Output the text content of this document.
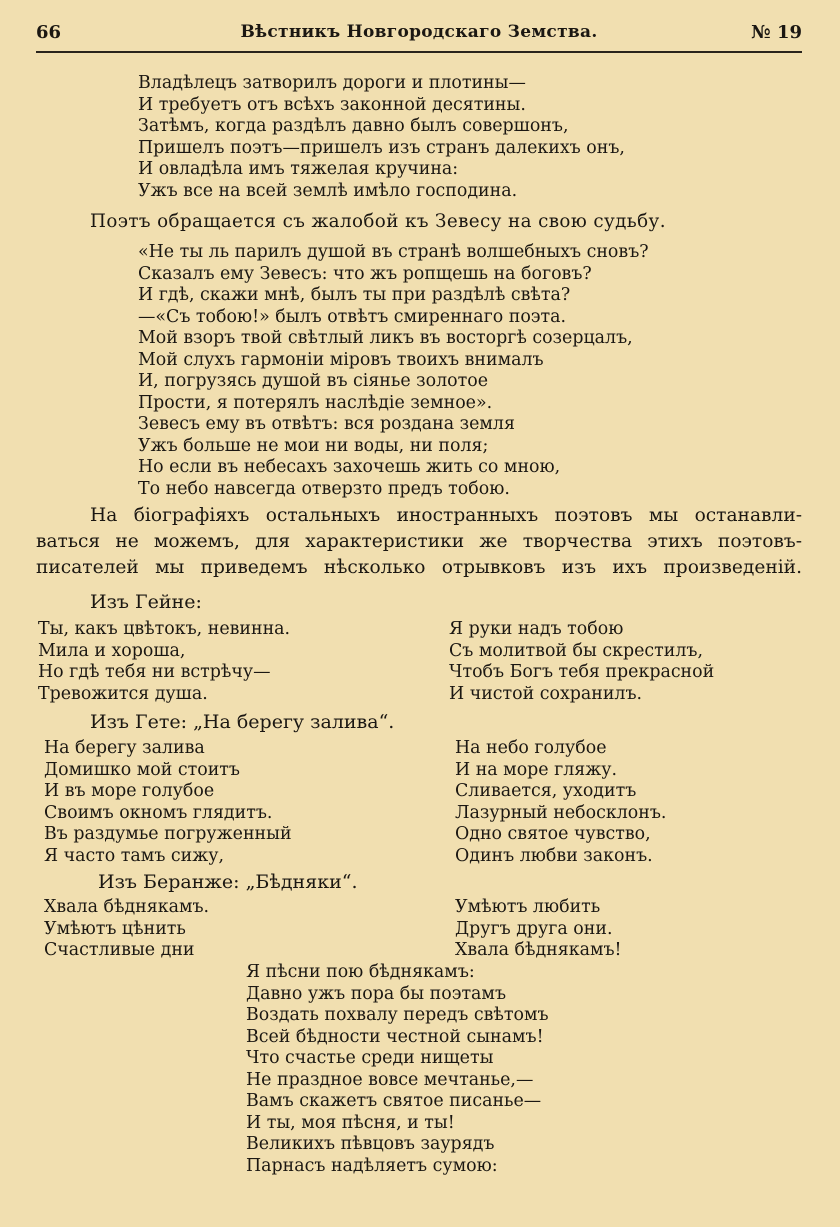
66	Вѣстникъ Новгородскаго Земства.	№ 19
Владѣлецъ затворилъ дороги и плотины—
И требуетъ отъ всѣхъ законной десятины.
Затѣмъ, когда раздѣлъ давно былъ совершонъ,
Пришелъ поэтъ—пришелъ изъ странъ далекихъ онъ,
И овладѣла имъ тяжелая кручина:
Ужъ все на всей землѣ имѣло господина.
Поэтъ обращается съ жалобой къ Зевесу на свою судьбу.
«Не ты ль парилъ душой въ странѣ волшебныхъ сновъ?
Сказалъ ему Зевесъ: что жъ ропщешь на боговъ?
И гдѣ, скажи мнѣ, былъ ты при раздѣлѣ свѣта?
—«Съ тобою!» былъ отвѣтъ смиреннаго поэта.
Мой взоръ твой свѣтлый ликъ въ восторгѣ созерцалъ,
Мой слухъ гармоніи міровъ твоихъ внималъ
И, погрузясь душой въ сіянье золотое
Прости, я потерялъ наслѣдіе земное».
Зевесъ ему въ отвѣтъ: вся роздана земля
Ужъ больше не мои ни воды, ни поля;
Но если въ небесахъ захочешь жить со мною,
То небо навсегда отверзто предъ тобою.
На біографіяхъ остальныхъ иностранныхъ поэтовъ мы останавли-
ваться не можемъ, для характеристики же творчества этихъ поэтовъ-
писателей мы приведемъ нѣсколько отрывковъ изъ ихъ произведеній.
Изъ Гейне:
Ты, какъ цвѣтокъ, невинна.
Мила и хороша,
Но гдѣ тебя ни встрѣчу—
Тревожится душа.
Я руки надъ тобою
Съ молитвой бы скрестилъ,
Чтобъ Богъ тебя прекрасной
И чистой сохранилъ.
Изъ Гете: „На берегу залива“.
На берегу залива
Домишко мой стоитъ
И въ море голубое
Своимъ окномъ глядитъ.
Въ раздумье погруженный
Я часто тамъ сижу,
На небо голубое
И на море гляжу.
Сливается, уходитъ
Лазурный небосклонъ.
Одно святое чувство,
Одинъ любви законъ.
Изъ Беранже: „Бѣдняки“.
Хвала бѣднякамъ.
Умѣютъ цѣнить
Счастливые дни
Умѣютъ любить
Другъ друга они.
Хвала бѣднякамъ!
Я пѣсни пою бѣднякамъ:
Давно ужъ пора бы поэтамъ
Воздать похвалу передъ свѣтомъ
Всей бѣдности честной сынамъ!
Что счастье среди нищеты
Не праздное вовсе мечтанье,—
Вамъ скажетъ святое писанье—
И ты, моя пѣсня, и ты!
Великихъ пѣвцовъ заурядъ
Парнасъ надѣляетъ сумою:
